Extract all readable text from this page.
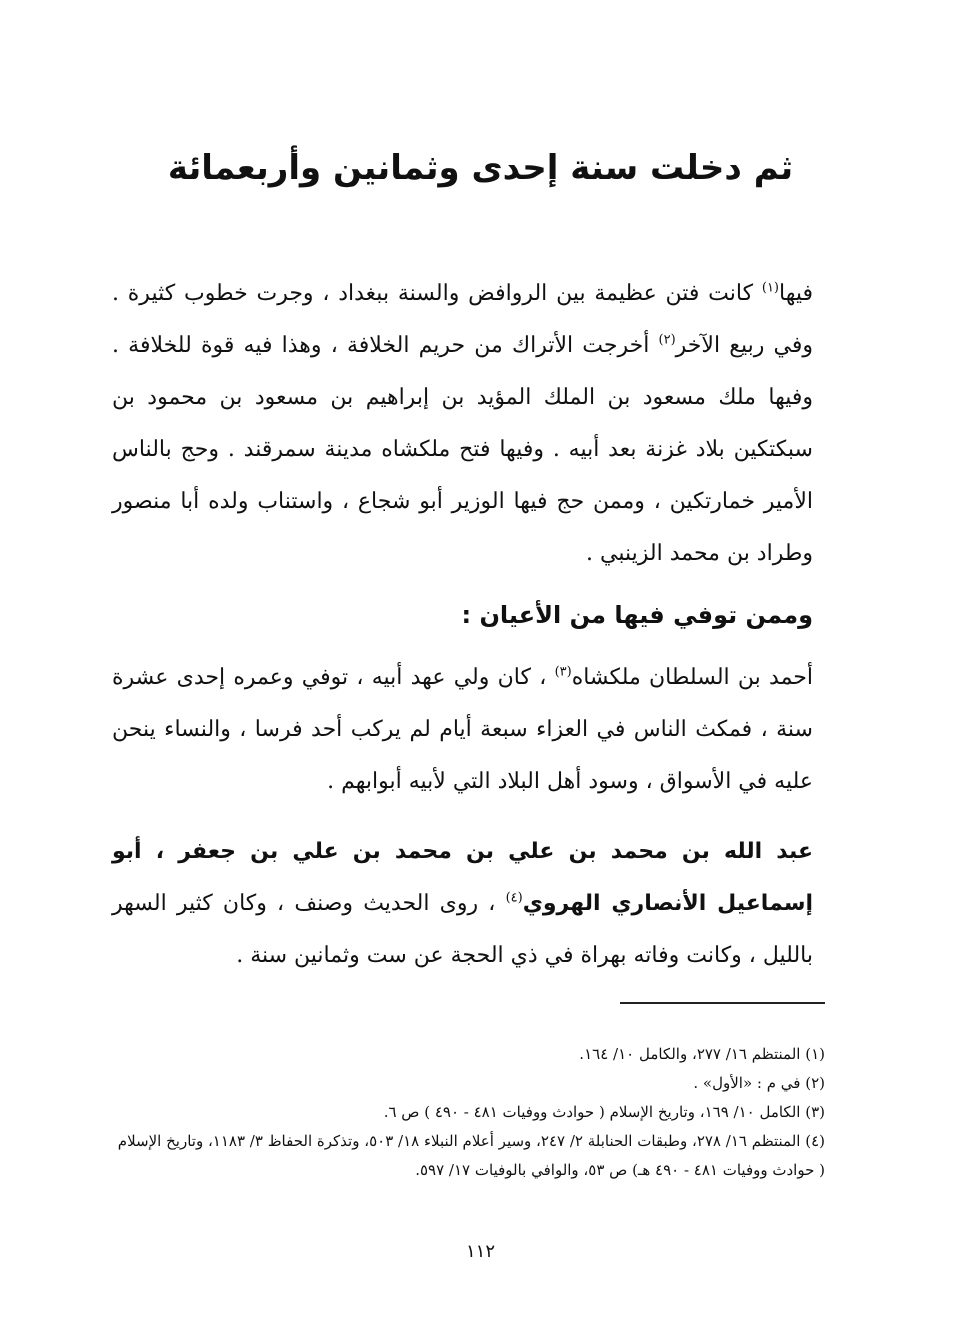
ثم دخلت سنة إحدى وثمانين وأربعمائة

فيها$^{(١)}$ كانت فتن عظيمة بين الروافض والسنة ببغداد ، وجرت خطوب كثيرة . وفي ربيع الآخر$^{(٢)}$ أخرجت الأتراك من حريم الخلافة ، وهذا فيه قوة للخلافة . وفيها ملك مسعود بن الملك المؤيد بن إبراهيم بن مسعود بن محمود بن سبكتكين بلاد غزنة بعد أبيه . وفيها فتح ملكشاه مدينة سمرقند . وحج بالناس الأمير خمارتكين ، وممن حج فيها الوزير أبو شجاع ، واستناب ولده أبا منصور وطراد بن محمد الزينبي .

وممن توفي فيها من الأعيان :

أحمد بن السلطان ملكشاه$^{(٣)}$ ، كان ولي عهد أبيه ، توفي وعمره إحدى عشرة سنة ، فمكث الناس في العزاء سبعة أيام لم يركب أحد فرسا ، والنساء ينحن عليه في الأسواق ، وسود أهل البلاد التي لأبيه أبوابهم .

عبد الله بن محمد بن علي بن محمد بن علي بن جعفر ، أبو إسماعيل الأنصاري الهروي$^{(٤)}$ ، روى الحديث وصنف ، وكان كثير السهر بالليل ، وكانت وفاته بهراة في ذي الحجة عن ست وثمانين سنة .

(١) المنتظم ١٦/ ٢٧٧، والكامل ١٠/ ١٦٤.
(٢) في م : «الأول» .
(٣) الكامل ١٠/ ١٦٩، وتاريخ الإسلام ( حوادث ووفيات ٤٨١ - ٤٩٠ ) ص ٦.
(٤) المنتظم ١٦/ ٢٧٨، وطبقات الحنابلة ٢/ ٢٤٧، وسير أعلام النبلاء ١٨/ ٥٠٣، وتذكرة الحفاظ ٣/ ١١٨٣، وتاريخ الإسلام ( حوادث ووفيات ٤٨١ - ٤٩٠ هـ) ص ٥٣، والوافي بالوفيات ١٧/ ٥٩٧.
١١٢
